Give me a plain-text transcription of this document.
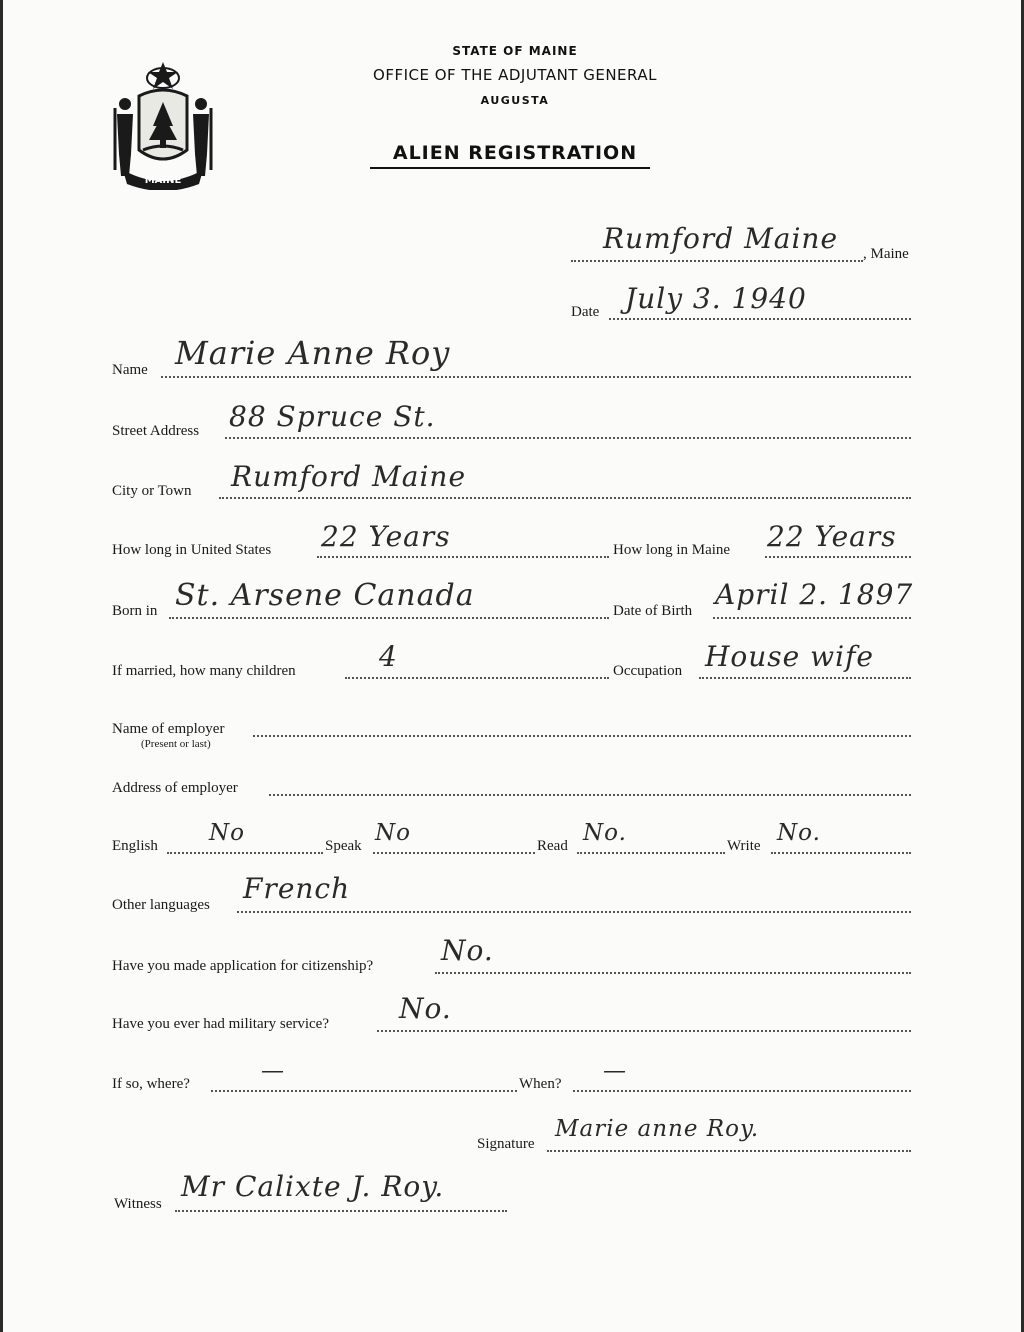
MAINE
STATE OF MAINE
OFFICE OF THE ADJUTANT GENERAL
AUGUSTA
ALIEN REGISTRATION
Rumford Maine , Maine
Date July 3. 1940
Name Marie Anne Roy
Street Address 88 Spruce St.
City or Town Rumford Maine
How long in United States 22 Years	How long in Maine 22 Years
Born in St. Arsene Canada	Date of Birth April 2. 1897
If married, how many children	4	Occupation House wife
Name of employer
(Present or last)
Address of employer
English No	Speak No	Read No.	Write No.
Other languages French
Have you made application for citizenship? No.
Have you ever had military service?	No.
If so, where?	—	When? —
Signature
Marie anne Roy.
Witness
Mr Calixte J. Roy.
